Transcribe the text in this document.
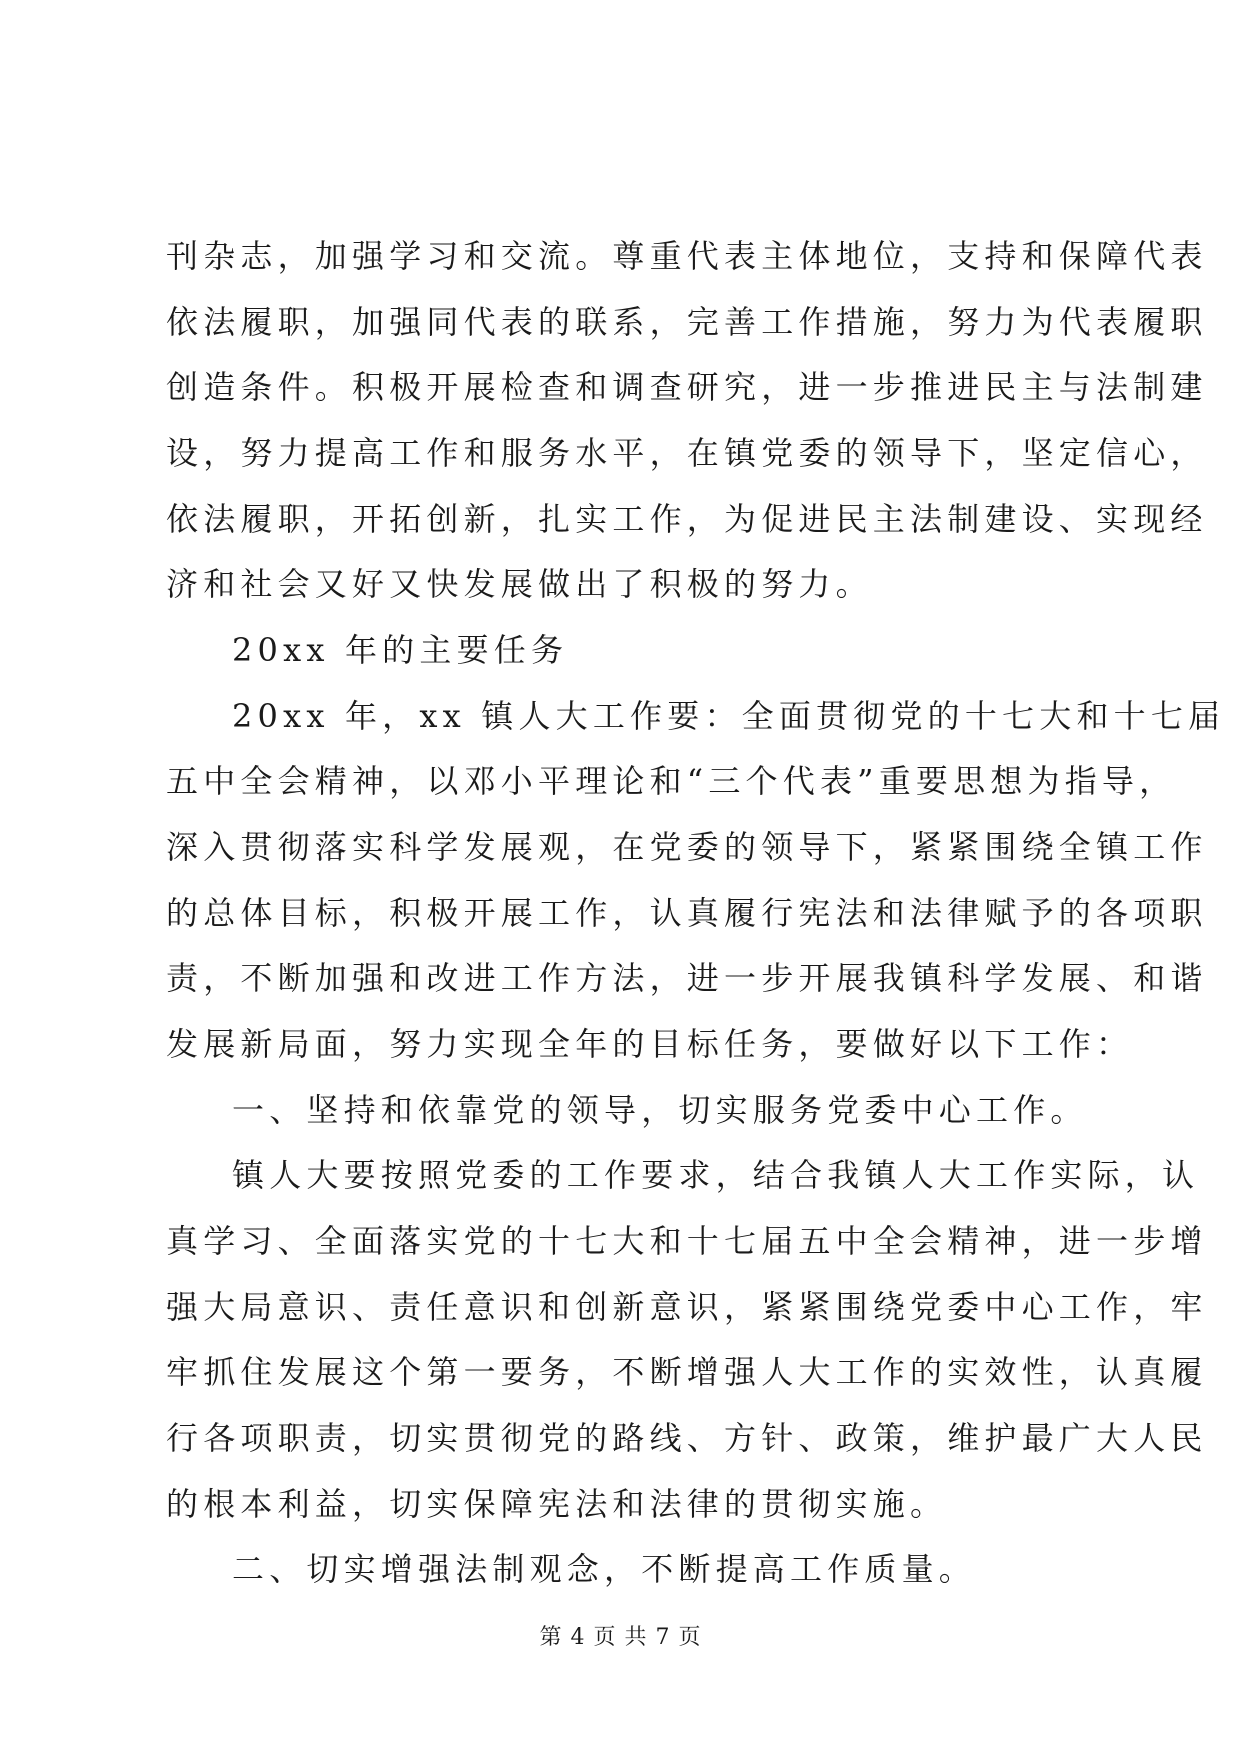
刊杂志，加强学习和交流。尊重代表主体地位，支持和保障代表
依法履职，加强同代表的联系，完善工作措施，努力为代表履职
创造条件。积极开展检查和调查研究，进一步推进民主与法制建
设，努力提高工作和服务水平，在镇党委的领导下，坚定信心，
依法履职，开拓创新，扎实工作，为促进民主法制建设、实现经
济和社会又好又快发展做出了积极的努力。
20xx 年的主要任务
20xx 年，xx 镇人大工作要：全面贯彻党的十七大和十七届
五中全会精神，以邓小平理论和“三个代表”重要思想为指导，
深入贯彻落实科学发展观，在党委的领导下，紧紧围绕全镇工作
的总体目标，积极开展工作，认真履行宪法和法律赋予的各项职
责，不断加强和改进工作方法，进一步开展我镇科学发展、和谐
发展新局面，努力实现全年的目标任务，要做好以下工作：
一、坚持和依靠党的领导，切实服务党委中心工作。
镇人大要按照党委的工作要求，结合我镇人大工作实际，认
真学习、全面落实党的十七大和十七届五中全会精神，进一步增
强大局意识、责任意识和创新意识，紧紧围绕党委中心工作，牢
牢抓住发展这个第一要务，不断增强人大工作的实效性，认真履
行各项职责，切实贯彻党的路线、方针、政策，维护最广大人民
的根本利益，切实保障宪法和法律的贯彻实施。
二、切实增强法制观念，不断提高工作质量。
第 4 页 共 7 页
